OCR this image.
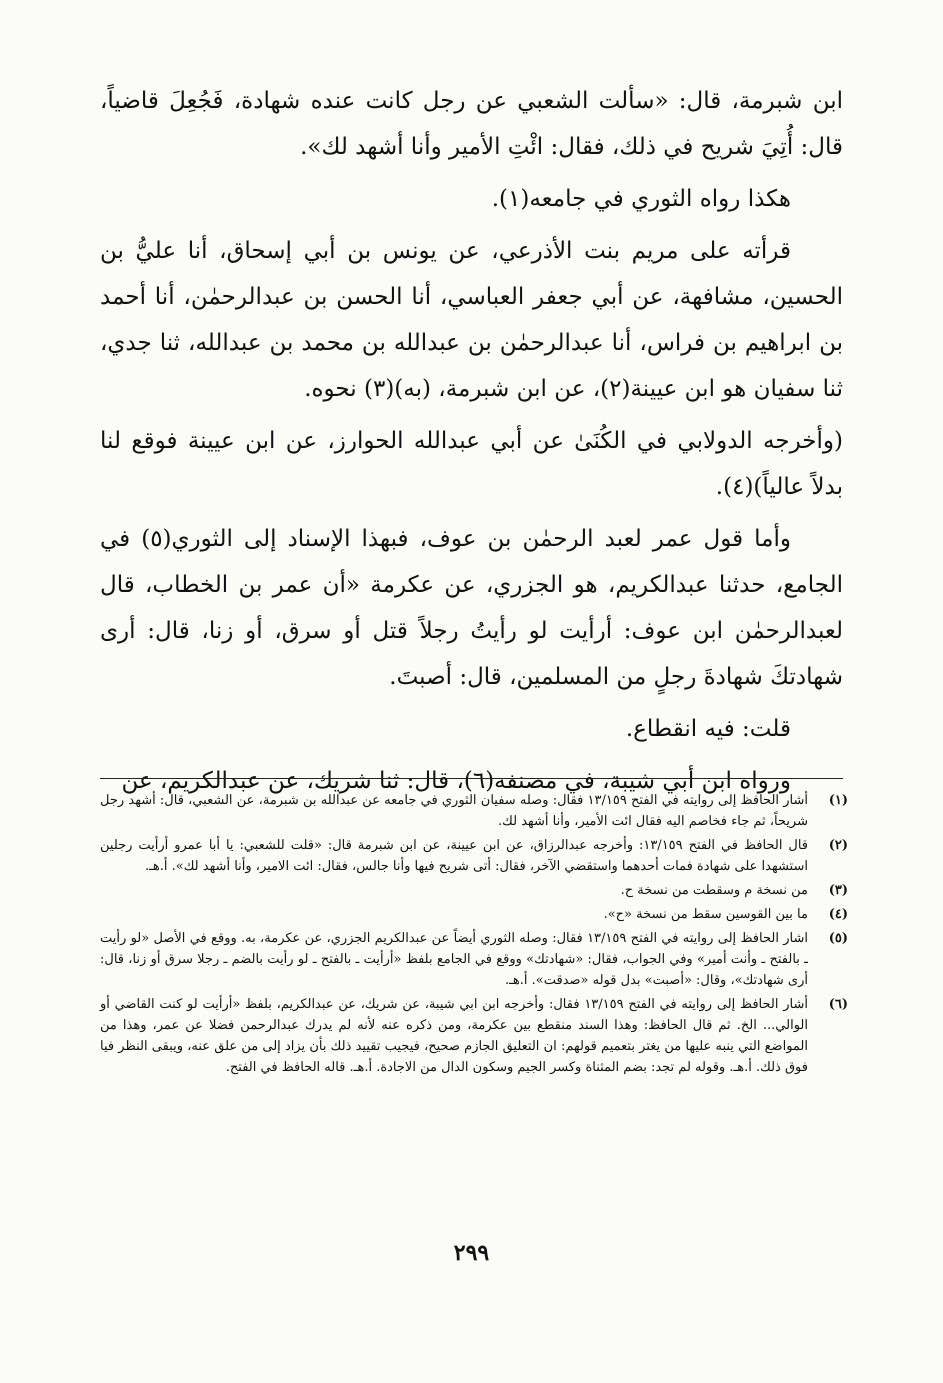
ابن شبرمة، قال: «سألت الشعبي عن رجل كانت عنده شهادة، فَجُعِلَ قاضياً، قال: أُتِيَ شريح في ذلك، فقال: ائْتِ الأمير وأنا أشهد لك».

هكذا رواه الثوري في جامعه(١).

قرأته على مريم بنت الأذرعي، عن يونس بن أبي إسحاق، أنا عليُّ بن الحسين، مشافهة، عن أبي جعفر العباسي، أنا الحسن بن عبدالرحمٰن، أنا أحمد بن ابراهيم بن فراس، أنا عبدالرحمٰن بن عبدالله بن محمد بن عبدالله، ثنا جدي، ثنا سفيان هو ابن عيينة(٢)، عن ابن شبرمة، (به)(٣) نحوه.

(وأخرجه الدولابي في الكُنَىٰ عن أبي عبدالله الحوارز، عن ابن عيينة فوقع لنا بدلاً عالياً)(٤).

وأما قول عمر لعبد الرحمٰن بن عوف، فبهذا الإسناد إلى الثوري(٥) في الجامع، حدثنا عبدالكريم، هو الجزري، عن عكرمة «أن عمر بن الخطاب، قال لعبدالرحمٰن ابن عوف: أرأيت لو رأيتُ رجلاً قتل أو سرق، أو زنا، قال: أرى شهادتكَ شهادةَ رجلٍ من المسلمين، قال: أصبتَ.

قلت: فيه انقطاع.

ورواه ابن أبي شيبة، في مصنفه(٦)، قال: ثنا شريك، عن عبدالكريم، عن

(١)
أشار الحافظ إلى روايته في الفتح ١٣/١٥٩ فقال: وصله سفيان الثوري في جامعه عن عبدالله بن شبرمة، عن الشعبي، قال: أشهد رجل شريحاً، ثم جاء فخاصم اليه فقال ائت الأمير، وأنا أشهد لك.
(٢)
قال الحافظ في الفتح ١٣/١٥٩: وأخرجه عبدالرزاق، عن ابن عيينة، عن ابن شبرمة قال: «قلت للشعبي: يا أبا عمرو أرأيت رجلين استشهدا على شهادة فمات أحدهما واستقضي الآخر، فقال: أتى شريح فيها وأنا جالس، فقال: ائت الامير، وأنا أشهد لك». أ.هـ.
(٣)
من نسخة م وسقطت من نسخة ح.
(٤)
ما بين القوسين سقط من نسخة «ح».
(٥)
اشار الحافظ إلى روايته في الفتح ١٣/١٥٩ فقال: وصله الثوري أيضاً عن عبدالكريم الجزري، عن عكرمة، به. ووقع في الأصل «لو رأيت ـ بالفتح ـ وأنت أمير» وفي الجواب، فقال: «شهادتك» ووقع في الجامع بلفظ «أرأيت ـ بالفتح ـ لو رأيت بالضم ـ رجلا سرق أو زنا، قال: أرى شهادتك»، وقال: «أصبت» بدل قوله «صدقت». أ.هـ.
(٦)
أشار الحافظ إلى روايته في الفتح ١٣/١٥٩ فقال: وأخرجه ابن ابي شيبة، عن شريك، عن عبدالكريم، بلفظ «أرأيت لو كنت القاضي أو الوالي... الخ. ثم قال الحافظ: وهذا السند منقطع بين عكرمة، ومن ذكره عنه لأنه لم يدرك عبدالرحمن فضلا عن عمر، وهذا من المواضع التي ينبه عليها من يغتر بتعميم قولهم: ان التعليق الجازم صحيح، فيجيب تقييد ذلك بأن يزاد إلى من علق عنه، ويبقى النظر فيا فوق ذلك. أ.هـ. وقوله لم تجد: بضم المثناة وكسر الجيم وسكون الدال من الاجادة. أ.هـ. قاله الحافظ في الفتح.
٢٩٩
